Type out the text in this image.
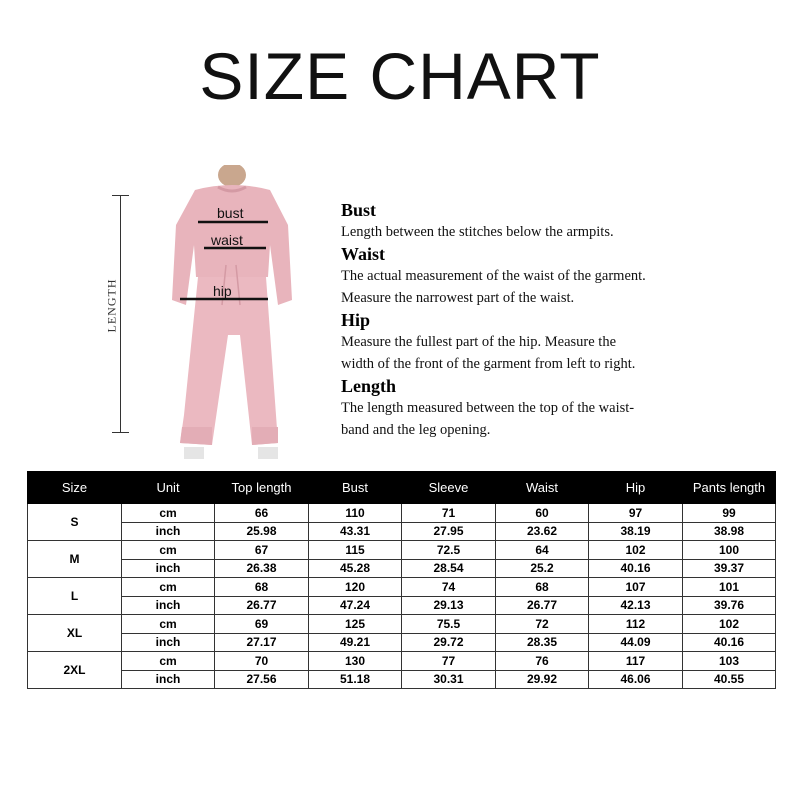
SIZE CHART
LENGTH
bust
waist
hip
Bust
Length between the stitches below the armpits.
Waist
The actual measurement of the waist of the garment.
Measure the narrowest part of the waist.
Hip
Measure the fullest part of the hip. Measure the
width of the front of the garment from left to right.
Length
The length measured between the top of the waist-
band and the leg opening.
Size	Unit	Top length	Bust	Sleeve	Waist	Hip	Pants length
S	cm	66	110	71	60	97	99
	inch	25.98	43.31	27.95	23.62	38.19	38.98
M	cm	67	115	72.5	64	102	100
	inch	26.38	45.28	28.54	25.2	40.16	39.37
L	cm	68	120	74	68	107	101
	inch	26.77	47.24	29.13	26.77	42.13	39.76
XL	cm	69	125	75.5	72	112	102
	inch	27.17	49.21	29.72	28.35	44.09	40.16
2XL	cm	70	130	77	76	117	103
	inch	27.56	51.18	30.31	29.92	46.06	40.55
